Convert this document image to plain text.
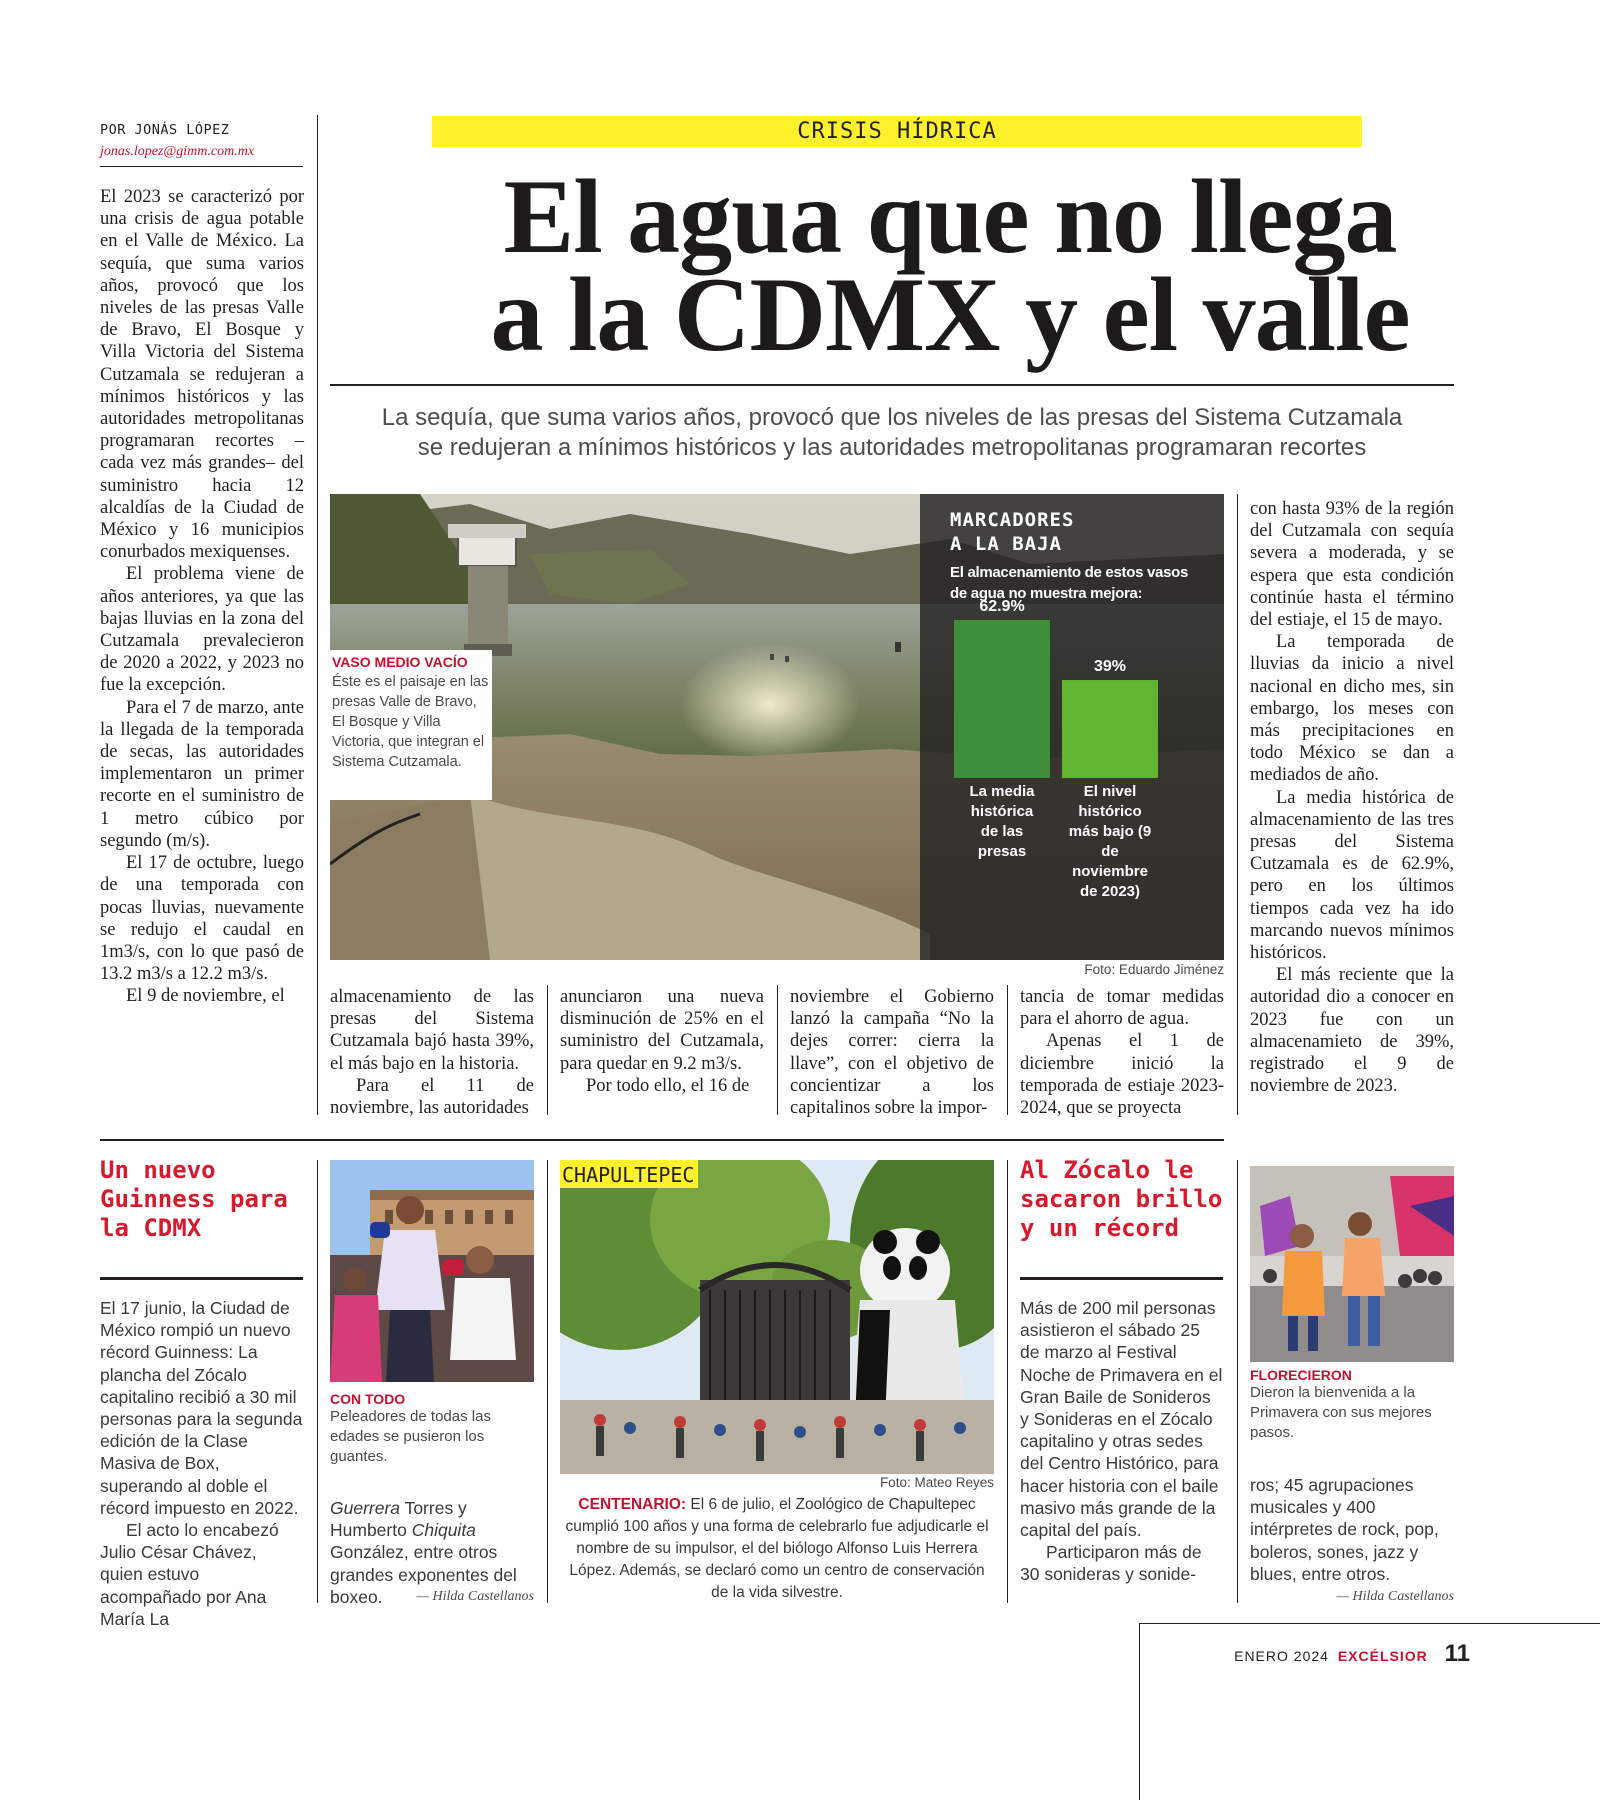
POR JONÁS LÓPEZ
jonas.lopez@gimm.com.mx

El 2023 se caracterizó por una crisis de agua potable en el Valle de México. La sequía, que suma varios años, provocó que los niveles de las presas Valle de Bravo, El Bosque y Villa Victoria del Sistema Cutzamala se redujeran a mínimos históricos y las autoridades metropolitanas programaran recortes –cada vez más grandes– del suministro hacia 12 alcaldías de la Ciudad de México y 16 municipios conurbados mexiquenses.

El problema viene de años anteriores, ya que las bajas lluvias en la zona del Cutzamala prevalecieron de 2020 a 2022, y 2023 no fue la excepción.

Para el 7 de marzo, ante la llegada de la temporada de secas, las autoridades implementaron un primer recorte en el suministro de 1 metro cúbico por segundo (m/s).

El 17 de octubre, luego de una temporada con pocas lluvias, nuevamente se redujo el caudal en 1m3/s, con lo que pasó de 13.2 m3/s a 12.2 m3/s.

El 9 de noviembre, el

CRISIS HÍDRICA
El agua que no llega
a la CDMX y el valle
La sequía, que suma varios años, provocó que los niveles de las presas del Sistema Cutzamala
se redujeran a mínimos históricos y las autoridades metropolitanas programaran recortes
VASO MEDIO VACÍO
Éste es el paisaje en las presas Valle de Bravo, El Bosque y Villa Victoria, que integran el Sistema Cutzamala.
MARCADORES
A LA BAJA
El almacenamiento de estos vasos de agua no muestra mejora:
62.9%
La media histórica de las presas
39%
El nivel histórico más bajo (9 de noviembre de 2023)
Foto: Eduardo Jiménez

almacenamiento de las presas del Sistema Cutzamala bajó hasta 39%, el más bajo en la historia.

Para el 11 de noviembre, las autoridades

anunciaron una nueva disminución de 25% en el suministro del Cutzamala, para quedar en 9.2 m3/s.

Por todo ello, el 16 de

noviembre el Gobierno lanzó la campaña “No la dejes correr: cierra la llave”, con el objetivo de concientizar a los capitalinos sobre la impor-

tancia de tomar medidas para el ahorro de agua.

Apenas el 1 de diciembre inició la temporada de estiaje 2023-2024, que se proyecta

con hasta 93% de la región del Cutzamala con sequía severa a moderada, y se espera que esta condición continúe hasta el término del estiaje, el 15 de mayo.

La temporada de lluvias da inicio a nivel nacional en dicho mes, sin embargo, los meses con más precipitaciones en todo México se dan a mediados de año.

La media histórica de almacenamiento de las tres presas del Sistema Cutzamala es de 62.9%, pero en los últimos tiempos cada vez ha ido marcando nuevos mínimos históricos.

El más reciente que la autoridad dio a conocer en 2023 fue con un almacenamieto de 39%, registrado el 9 de noviembre de 2023.

Un nuevo Guinness para la CDMX

El 17 junio, la Ciudad de México rompió un nuevo récord Guinness: La plancha del Zócalo capitalino recibió a 30 mil personas para la segunda edición de la Clase Masiva de Box, superando al doble el récord impuesto en 2022.

El acto lo encabezó Julio César Chávez, quien estuvo acompañado por Ana María La

CON TODO
Peleadores de todas las edades se pusieron los guantes.

Guerrera Torres y Humberto Chiquita González, entre otros grandes exponentes del boxeo.	— Hilda Castellanos
CHAPULTEPEC
Foto: Mateo Reyes
CENTENARIO: El 6 de julio, el Zoológico de Chapultepec cumplió 100 años y una forma de celebrarlo fue adjudicarle el nombre de su impulsor, el del biólogo Alfonso Luis Herrera López. Además, se declaró como un centro de conservación de la vida silvestre.
Al Zócalo le sacaron brillo y un récord

Más de 200 mil personas asistieron el sábado 25 de marzo al Festival Noche de Primavera en el Gran Baile de Sonideros y Sonideras en el Zócalo capitalino y otras sedes del Centro Histórico, para hacer historia con el baile masivo más grande de la capital del país.

Participaron más de 30 sonideras y sonide-

FLORECIERON
Dieron la bienvenida a la Primavera con sus mejores pasos.

ros; 45 agrupaciones musicales y 400 intérpretes de rock, pop, boleros, sones, jazz y blues, entre otros.

— Hilda Castellanos
ENERO 2024 EXCÉLSIOR 11
